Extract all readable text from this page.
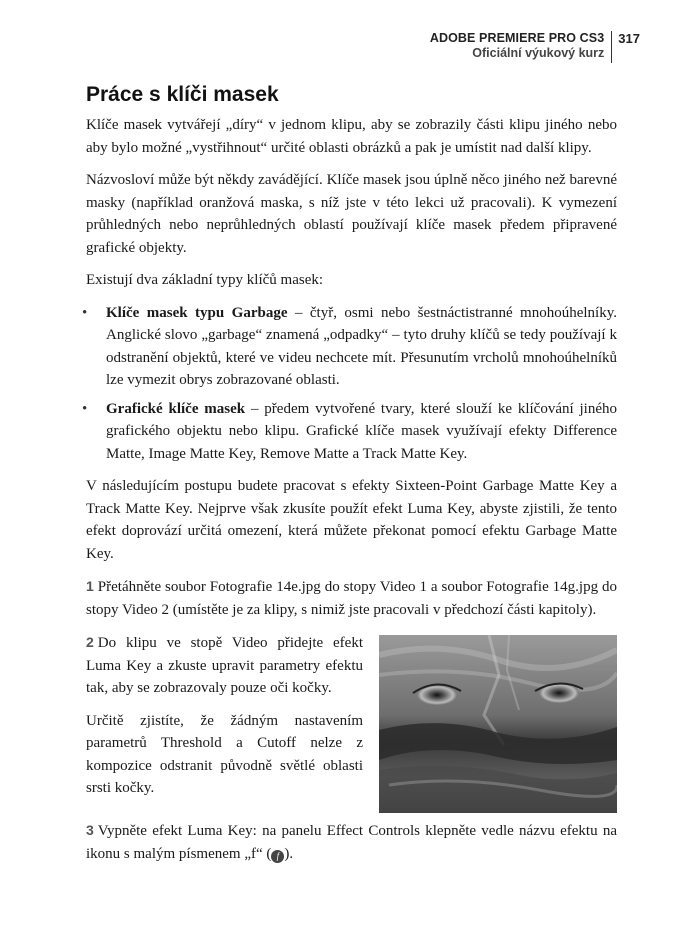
ADOBE PREMIERE PRO CS3
Oficiální výukový kurz
317
Práce s klíči masek

Klíče masek vytvářejí „díry“ v jednom klipu, aby se zobrazily části klipu jiného nebo aby bylo možné „vystřihnout“ určité oblasti obrázků a pak je umístit nad další klipy.

Názvosloví může být někdy zavádějící. Klíče masek jsou úplně něco jiného než barevné masky (například oranžová maska, s níž jste v této lekci už pracovali). K vymezení průhledných nebo neprůhledných oblastí používají klíče masek předem připravené grafické objekty.

Existují dva základní typy klíčů masek:

• Klíče masek typu Garbage – čtyř, osmi nebo šestnáctistranné mnohoúhelníky. Anglické slovo „garbage“ znamená „odpadky“ – tyto druhy klíčů se tedy používají k odstranění objektů, které ve videu nechcete mít. Přesunutím vrcholů mnohoúhelníků lze vymezit obrys zobrazované oblasti.
• Grafické klíče masek – předem vytvořené tvary, které slouží ke klíčování jiného grafického objektu nebo klipu. Grafické klíče masek využívají efekty Difference Matte, Image Matte Key, Remove Matte a Track Matte Key.

V následujícím postupu budete pracovat s efekty Sixteen-Point Garbage Matte Key a Track Matte Key. Nejprve však zkusíte použít efekt Luma Key, abyste zjistili, že tento efekt doprovází určitá omezení, která můžete překonat pomocí efektu Garbage Matte Key.

1 Přetáhněte soubor Fotografie 14e.jpg do stopy Video 1 a soubor Fotografie 14g.jpg do stopy Video 2 (umístěte je za klipy, s nimiž jste pracovali v předchozí části kapitoly).

2 Do klipu ve stopě Video přidejte efekt Luma Key a zkuste upravit parametry efektu tak, aby se zobrazovaly pouze oči kočky.

Určitě zjistíte, že žádným nastavením parametrů Threshold a Cutoff nelze z kompozice odstranit původně světlé oblasti srsti kočky.

3 Vypněte efekt Luma Key: na panelu Effect Controls klepněte vedle názvu efektu na ikonu s malým písmenem „f“ ( f ).
